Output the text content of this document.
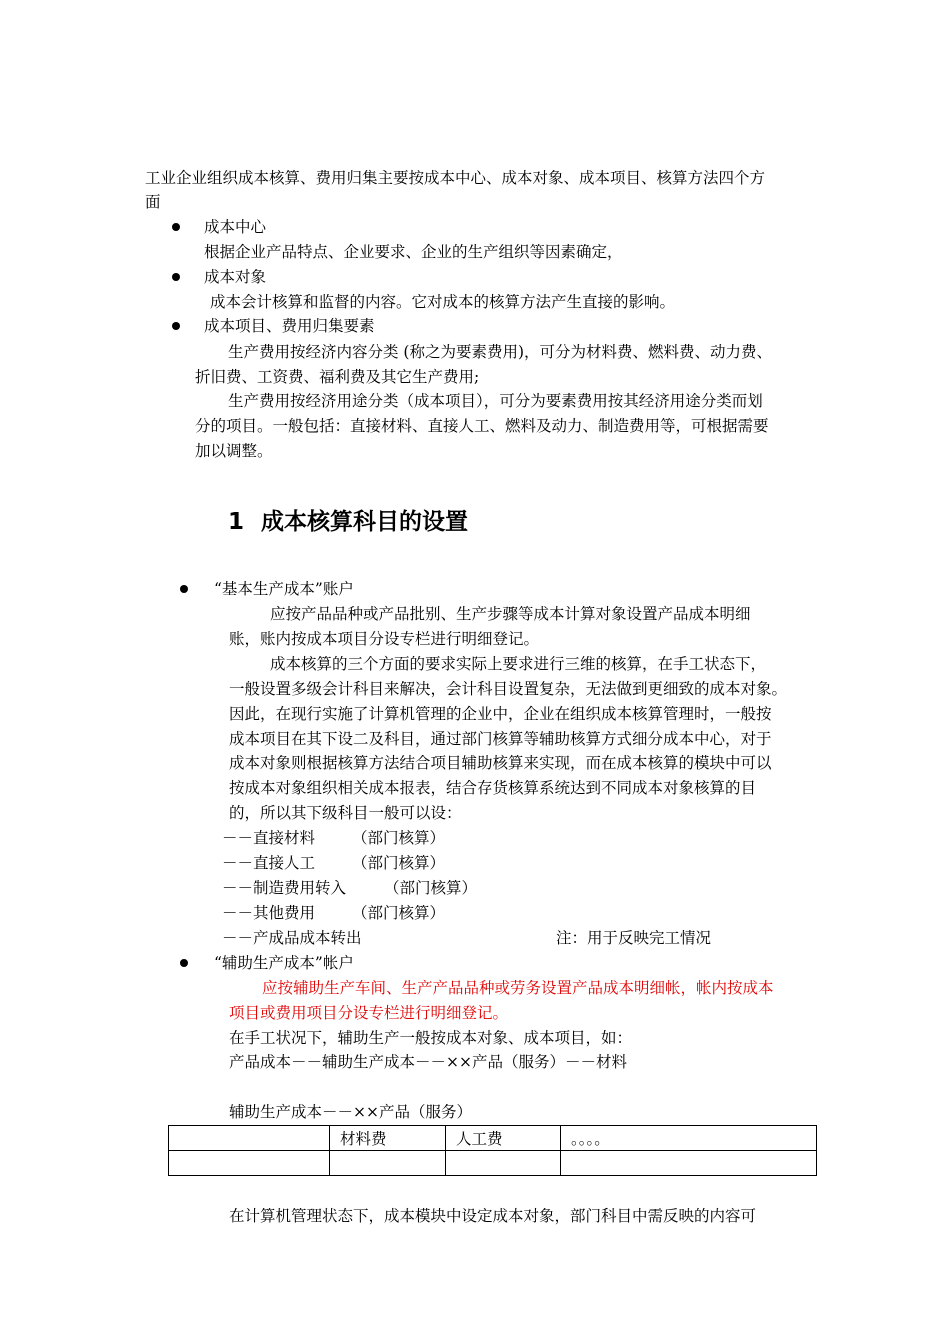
工业企业组织成本核算、费用归集主要按成本中心、成本对象、成本项目、核算方法四个方
面
成本中心
根据企业产品特点、企业要求、企业的生产组织等因素确定，
成本对象
成本会计核算和监督的内容。它对成本的核算方法产生直接的影响。
成本项目、费用归集要素
生产费用按经济内容分类 (称之为要素费用)，可分为材料费、燃料费、动力费、
折旧费、工资费、福利费及其它生产费用;
生产费用按经济用途分类（成本项目），可分为要素费用按其经济用途分类而划
分的项目。一般包括：直接材料、直接人工、燃料及动力、制造费用等，可根据需要
加以调整。
1 成本核算科目的设置
“基本生产成本”账户
应按产品品种或产品批别、生产步骤等成本计算对象设置产品成本明细
账，账内按成本项目分设专栏进行明细登记。
成本核算的三个方面的要求实际上要求进行三维的核算，在手工状态下，
一般设置多级会计科目来解决，会计科目设置复杂，无法做到更细致的成本对象。
因此，在现行实施了计算机管理的企业中，企业在组织成本核算管理时，一般按
成本项目在其下设二及科目，通过部门核算等辅助核算方式细分成本中心，对于
成本对象则根据核算方法结合项目辅助核算来实现，而在成本核算的模块中可以
按成本对象组织相关成本报表，结合存货核算系统达到不同成本对象核算的目
的，所以其下级科目一般可以设：
－－直接材料 （部门核算）
－－直接人工 （部门核算）
－－制造费用转入 （部门核算）
－－其他费用 （部门核算）
－－产成品成本转出	注：用于反映完工情况
“辅助生产成本”帐户
应按辅助生产车间、生产产品品种或劳务设置产品成本明细帐，帐内按成本
项目或费用项目分设专栏进行明细登记。
在手工状况下，辅助生产一般按成本对象、成本项目，如：
产品成本－－辅助生产成本－－××产品（服务）－－材料
辅助生产成本－－××产品（服务）
	材料费	人工费	。。。。

在计算机管理状态下，成本模块中设定成本对象，部门科目中需反映的内容可
